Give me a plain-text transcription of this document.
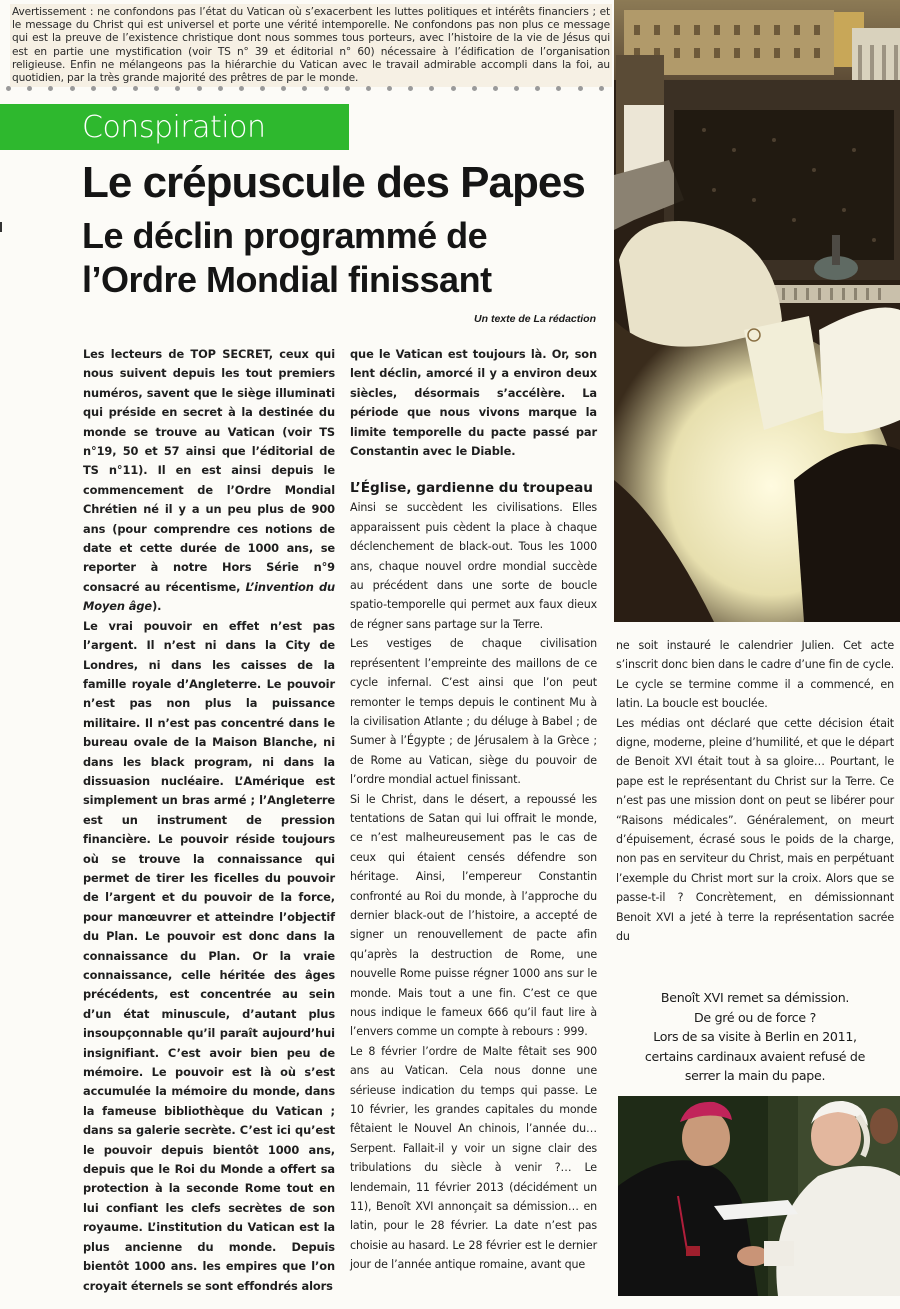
Avertissement : ne confondons pas l’état du Vatican où s’exacerbent les luttes politiques et intérêts financiers ; et le message du Christ qui est universel et porte une vérité intemporelle. Ne confondons pas non plus ce message qui est la preuve de l’existence christique dont nous sommes tous porteurs, avec l’histoire de la vie de Jésus qui est en partie une mystification (voir TS n° 39 et éditorial n° 60) nécessaire à l’édification de l’organisation religieuse. Enfin ne mélangeons pas la hiérarchie du Vatican avec le travail admirable accompli dans la foi, au quotidien, par la très grande majorité des prêtres de par le monde.
Conspiration
Le crépuscule des Papes
Le déclin programmé de
l’Ordre Mondial finissant
Un texte de La rédaction

Les lecteurs de TOP SECRET, ceux qui nous suivent depuis les tout premiers numéros, savent que le siège illuminati qui préside en secret à la destinée du monde se trouve au Vatican (voir TS n°19, 50 et 57 ainsi que l’éditorial de TS n°11). Il en est ainsi depuis le commencement de l’Ordre Mondial Chrétien né il y a un peu plus de 900 ans (pour comprendre ces notions de date et cette durée de 1000 ans, se reporter à notre Hors Série n°9 consacré au récentisme, L’invention du Moyen âge).

Le vrai pouvoir en effet n’est pas l’argent. Il n’est ni dans la City de Londres, ni dans les caisses de la famille royale d’Angleterre. Le pouvoir n’est pas non plus la puissance militaire. Il n’est pas concentré dans le bureau ovale de la Maison Blanche, ni dans les black program, ni dans la dissuasion nucléaire. L’Amérique est simplement un bras armé ; l’Angleterre est un instrument de pression financière. Le pouvoir réside toujours où se trouve la connaissance qui permet de tirer les ficelles du pouvoir de l’argent et du pouvoir de la force, pour manœuvrer et atteindre l’objectif du Plan. Le pouvoir est donc dans la connaissance du Plan. Or la vraie connaissance, celle héritée des âges précédents, est concentrée au sein d’un état minuscule, d’autant plus insoupçonnable qu’il paraît aujourd’hui insignifiant. C’est avoir bien peu de mémoire. Le pouvoir est là où s’est accumulée la mémoire du monde, dans la fameuse bibliothèque du Vatican ; dans sa galerie secrète. C’est ici qu’est le pouvoir depuis bientôt 1000 ans, depuis que le Roi du Monde a offert sa protection à la seconde Rome tout en lui confiant les clefs secrètes de son royaume. L’institution du Vatican est la plus ancienne du monde. Depuis bientôt 1000 ans. les empires que l’on croyait éternels se sont effondrés alors

que le Vatican est toujours là. Or, son lent déclin, amorcé il y a environ deux siècles, désormais s’accélère. La période que nous vivons marque la limite temporelle du pacte passé par Constantin avec le Diable.

L’Église, gardienne du troupeau

Ainsi se succèdent les civilisations. Elles apparaissent puis cèdent la place à chaque déclenchement de black-out. Tous les 1000 ans, chaque nouvel ordre mondial succède au précédent dans une sorte de boucle spatio-temporelle qui permet aux faux dieux de régner sans partage sur la Terre.

Les vestiges de chaque civilisation représentent l’empreinte des maillons de ce cycle infernal. C’est ainsi que l’on peut remonter le temps depuis le continent Mu à la civilisation Atlante ; du déluge à Babel ; de Sumer à l’Égypte ; de Jérusalem à la Grèce ; de Rome au Vatican, siège du pouvoir de l’ordre mondial actuel finissant.

Si le Christ, dans le désert, a repoussé les tentations de Satan qui lui offrait le monde, ce n’est malheureusement pas le cas de ceux qui étaient censés défendre son héritage. Ainsi, l’empereur Constantin confronté au Roi du monde, à l’approche du dernier black-out de l’histoire, a accepté de signer un renouvellement de pacte afin qu’après la destruction de Rome, une nouvelle Rome puisse régner 1000 ans sur le monde. Mais tout a une fin. C’est ce que nous indique le fameux 666 qu’il faut lire à l’envers comme un compte à rebours : 999.

Le 8 février l’ordre de Malte fêtait ses 900 ans au Vatican. Cela nous donne une sérieuse indication du temps qui passe. Le 10 février, les grandes capitales du monde fêtaient le Nouvel An chinois, l’année du… Serpent. Fallait-il y voir un signe clair des tribulations du siècle à venir ?… Le lendemain, 11 février 2013 (décidément un 11), Benoît XVI annonçait sa démission… en latin, pour le 28 février. La date n’est pas choisie au hasard. Le 28 février est le dernier jour de l’année antique romaine, avant que

ne soit instauré le calendrier Julien. Cet acte s’inscrit donc bien dans le cadre d’une fin de cycle. Le cycle se termine comme il a commencé, en latin. La boucle est bouclée.

Les médias ont déclaré que cette décision était digne, moderne, pleine d’humilité, et que le départ de Benoit XVI était tout à sa gloire… Pourtant, le pape est le représentant du Christ sur la Terre. Ce n’est pas une mission dont on peut se libérer pour “Raisons médicales”. Généralement, on meurt d’épuisement, écrasé sous le poids de la charge, non pas en serviteur du Christ, mais en perpétuant l’exemple du Christ mort sur la croix. Alors que se passe-t-il ? Concrètement, en démissionnant Benoit XVI a jeté à terre la représentation sacrée du

Benoît XVI remet sa démission.
De gré ou de force ?
Lors de sa visite à Berlin en 2011,
certains cardinaux avaient refusé de
serrer la main du pape.
